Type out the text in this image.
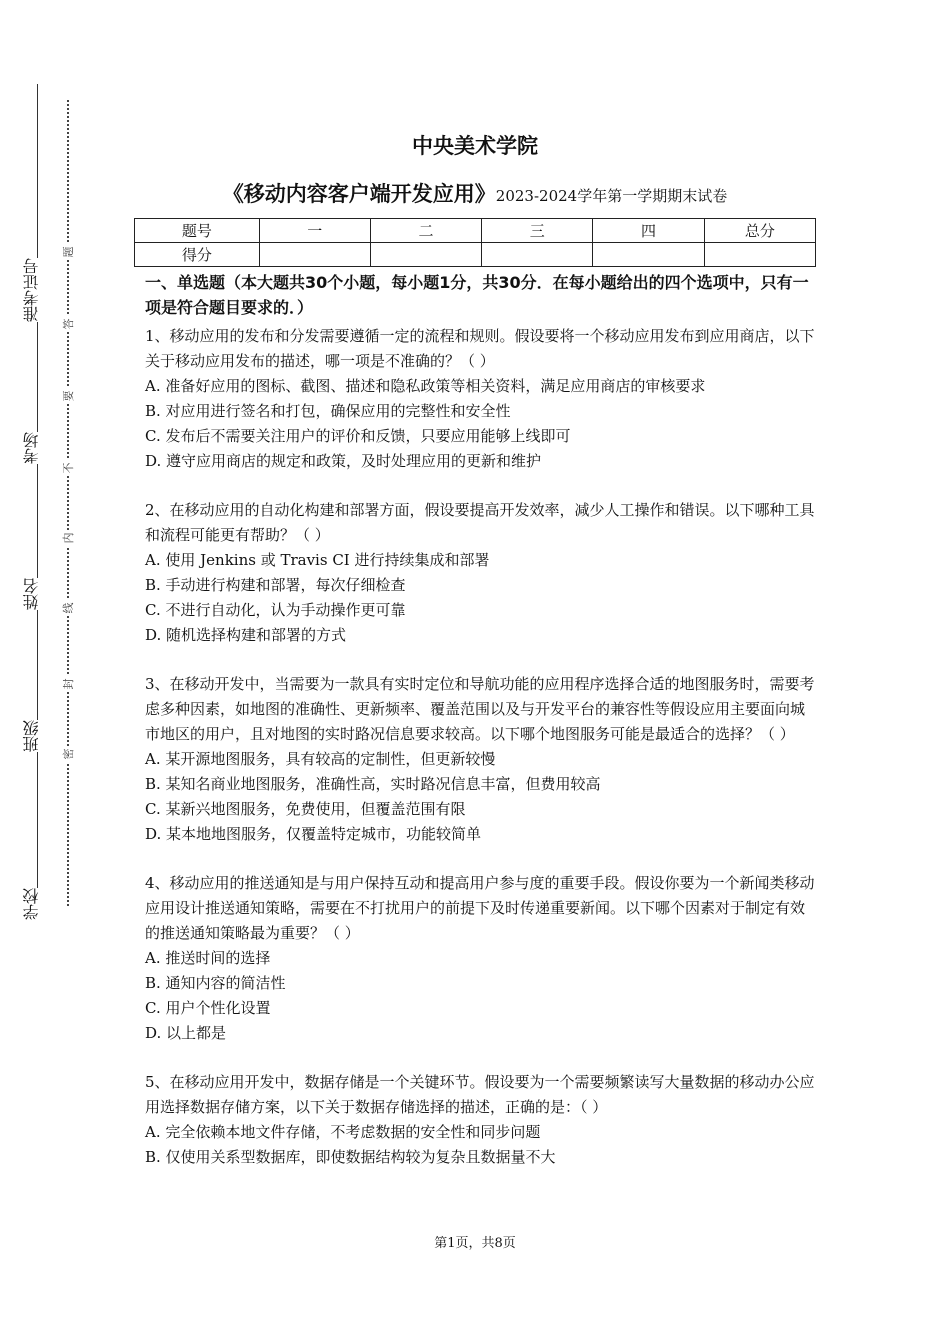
准考证号
考场
姓名
班级
学校
题
答
要
不
内
线
封
密
中央美术学院
《移动内容客户端开发应用》2023-2024学年第一学期期末试卷
题号	一	二	三	四	总分
得分					

一、单选题（本大题共30个小题，每小题1分，共30分．在每小题给出的四个选项中，只有一项是符合题目要求的．）

1、移动应用的发布和分发需要遵循一定的流程和规则。假设要将一个移动应用发布到应用商店，以下关于移动应用发布的描述，哪一项是不准确的？（ ）

A. 准备好应用的图标、截图、描述和隐私政策等相关资料，满足应用商店的审核要求

B. 对应用进行签名和打包，确保应用的完整性和安全性

C. 发布后不需要关注用户的评价和反馈，只要应用能够上线即可

D. 遵守应用商店的规定和政策，及时处理应用的更新和维护

2、在移动应用的自动化构建和部署方面，假设要提高开发效率，减少人工操作和错误。以下哪种工具和流程可能更有帮助？（ ）

A. 使用 Jenkins 或 Travis CI 进行持续集成和部署

B. 手动进行构建和部署，每次仔细检查

C. 不进行自动化，认为手动操作更可靠

D. 随机选择构建和部署的方式

3、在移动开发中，当需要为一款具有实时定位和导航功能的应用程序选择合适的地图服务时，需要考虑多种因素，如地图的准确性、更新频率、覆盖范围以及与开发平台的兼容性等假设应用主要面向城市地区的用户，且对地图的实时路况信息要求较高。以下哪个地图服务可能是最适合的选择？（ ）

A. 某开源地图服务，具有较高的定制性，但更新较慢

B. 某知名商业地图服务，准确性高，实时路况信息丰富，但费用较高

C. 某新兴地图服务，免费使用，但覆盖范围有限

D. 某本地地图服务，仅覆盖特定城市，功能较简单

4、移动应用的推送通知是与用户保持互动和提高用户参与度的重要手段。假设你要为一个新闻类移动应用设计推送通知策略，需要在不打扰用户的前提下及时传递重要新闻。以下哪个因素对于制定有效的推送通知策略最为重要？（ ）

A. 推送时间的选择

B. 通知内容的简洁性

C. 用户个性化设置

D. 以上都是

5、在移动应用开发中，数据存储是一个关键环节。假设要为一个需要频繁读写大量数据的移动办公应用选择数据存储方案，以下关于数据存储选择的描述，正确的是：（ ）

A. 完全依赖本地文件存储，不考虑数据的安全性和同步问题

B. 仅使用关系型数据库，即使数据结构较为复杂且数据量不大

第1页，共8页
